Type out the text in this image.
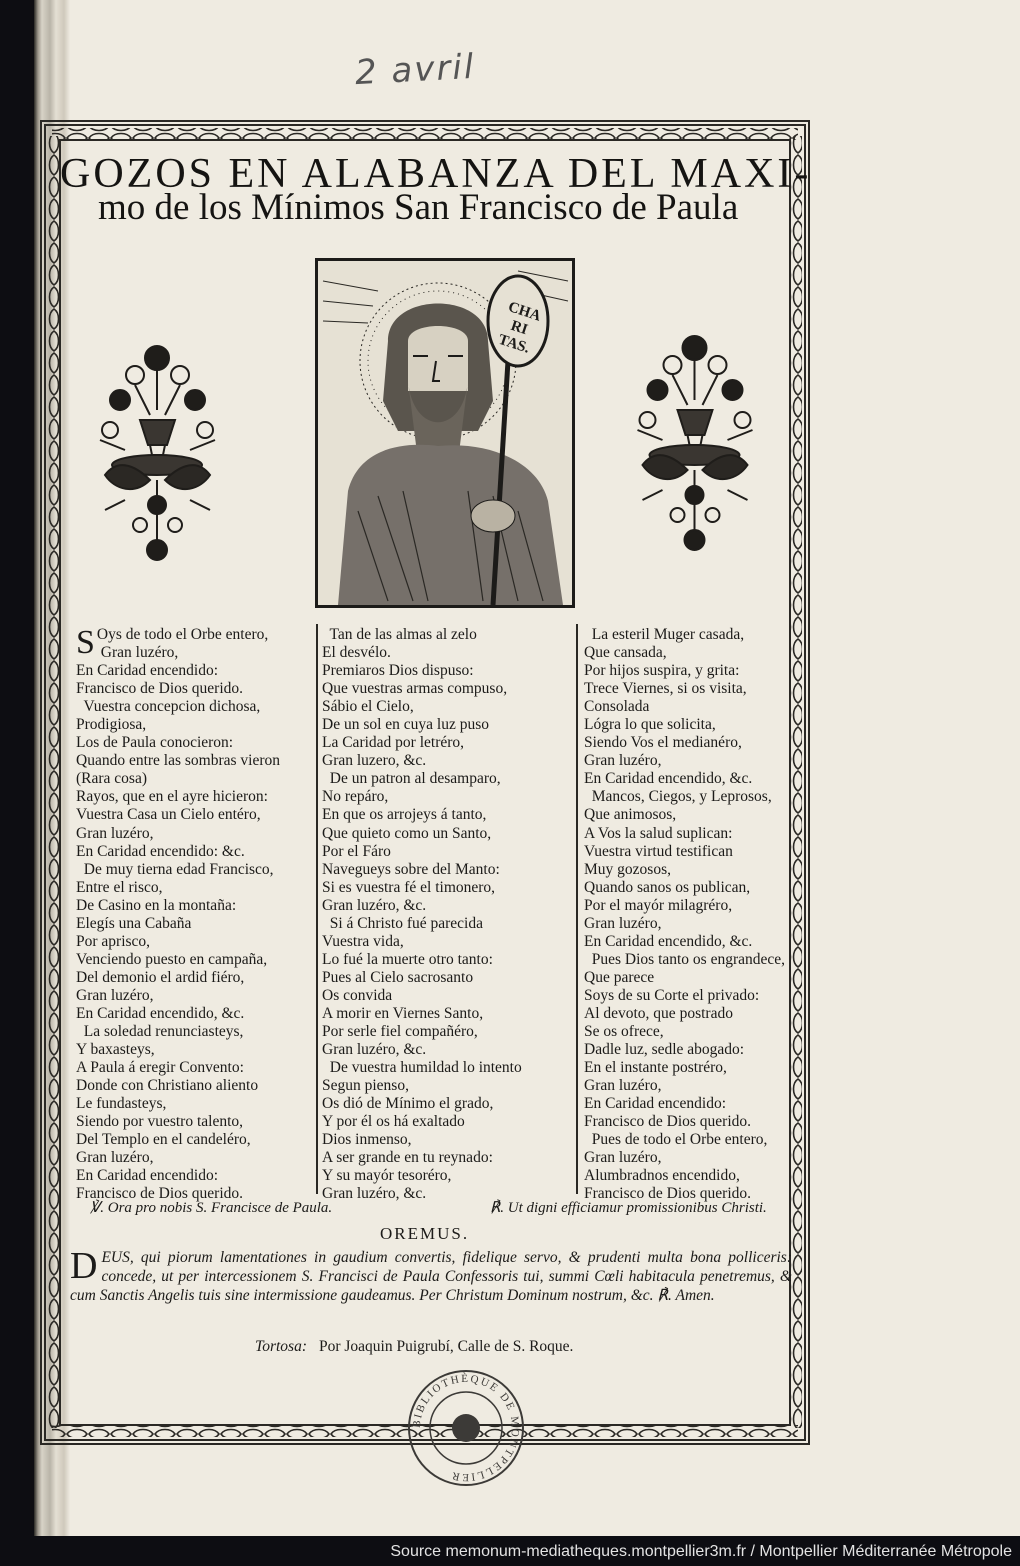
2 avril
GOZOS EN ALABANZA DEL MAXI-
mo de los Mínimos San Francisco de Paula
CHA RI TAS.
S Oys de todo el Orbe entero,
Gran luzéro,
En Caridad encendido:
Francisco de Dios querido.
Vuestra concepcion dichosa,
Prodigiosa,
Los de Paula conocieron:
Quando entre las sombras vieron
(Rara cosa)
Rayos, que en el ayre hicieron:
Vuestra Casa un Cielo entéro,
Gran luzéro,
En Caridad encendido: &c.
De muy tierna edad Francisco,
Entre el risco,
De Casino en la montaña:
Elegís una Cabaña
Por aprisco,
Venciendo puesto en campaña,
Del demonio el ardid fiéro,
Gran luzéro,
En Caridad encendido, &c.
La soledad renunciasteys,
Y baxasteys,
A Paula á eregir Convento:
Donde con Christiano aliento
Le fundasteys,
Siendo por vuestro talento,
Del Templo en el candeléro,
Gran luzéro,
En Caridad encendido:
Francisco de Dios querido.
Tan de las almas al zelo
El desvélo.
Premiaros Dios dispuso:
Que vuestras armas compuso,
Sábio el Cielo,
De un sol en cuya luz puso
La Caridad por letréro,
Gran luzero, &c.
De un patron al desamparo,
No repáro,
En que os arrojeys á tanto,
Que quieto como un Santo,
Por el Fáro
Navegueys sobre del Manto:
Si es vuestra fé el timonero,
Gran luzéro, &c.
Si á Christo fué parecida
Vuestra vida,
Lo fué la muerte otro tanto:
Pues al Cielo sacrosanto
Os convida
A morir en Viernes Santo,
Por serle fiel compañéro,
Gran luzéro, &c.
De vuestra humildad lo intento
Segun pienso,
Os dió de Mínimo el grado,
Y por él os há exaltado
Dios inmenso,
A ser grande en tu reynado:
Y su mayór tesoréro,
Gran luzéro, &c.
La esteril Muger casada,
Que cansada,
Por hijos suspira, y grita:
Trece Viernes, si os visita,
Consolada
Lógra lo que solicita,
Siendo Vos el medianéro,
Gran luzéro,
En Caridad encendido, &c.
Mancos, Ciegos, y Leprosos,
Que animosos,
A Vos la salud suplican:
Vuestra virtud testifican
Muy gozosos,
Quando sanos os publican,
Por el mayór milagréro,
Gran luzéro,
En Caridad encendido, &c.
Pues Dios tanto os engrandece,
Que parece
Soys de su Corte el privado:
Al devoto, que postrado
Se os ofrece,
Dadle luz, sedle abogado:
En el instante postréro,
Gran luzéro,
En Caridad encendido:
Francisco de Dios querido.
Pues de todo el Orbe entero,
Gran luzéro,
Alumbradnos encendido,
Francisco de Dios querido.
℣. Ora pro nobis S. Francisce de Paula.	℟. Ut digni efficiamur promissionibus Christi.
OREMUS.
DEUS, qui piorum lamentationes in gaudium convertis, fidelique servo, & prudenti multa bona polliceris: concede, ut per intercessionem S. Francisci de Paula Confessoris tui, summi Cœli habitacula penetremus, & cum Sanctis Angelis tuis sine intermissione gaudeamus. Per Christum Dominum nostrum, &c. ℟. Amen.
Tortosa: Por Joaquin Puigrubí, Calle de S. Roque.
BIBLIOTHÈQUE DE MONTPELLIER
Source memonum-mediatheques.montpellier3m.fr / Montpellier Méditerranée Métropole
